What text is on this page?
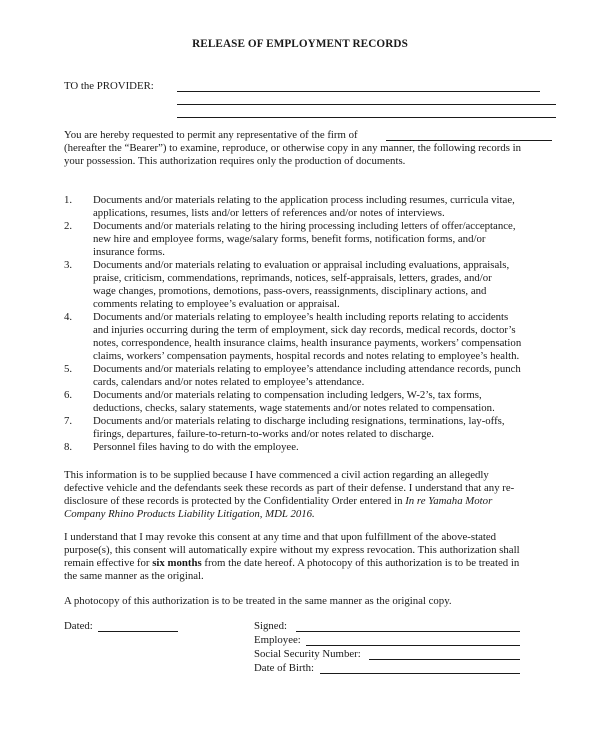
RELEASE OF EMPLOYMENT RECORDS
TO the PROVIDER:
You are hereby requested to permit any representative of the firm of
(hereafter the “Bearer”) to examine, reproduce, or otherwise copy in any manner, the following records in
your possession. This authorization requires only the production of documents.
1. Documents and/or materials relating to the application process including resumes, curricula vitae,
applications, resumes, lists and/or letters of references and/or notes of interviews.
2. Documents and/or materials relating to the hiring processing including letters of offer/acceptance,
new hire and employee forms, wage/salary forms, benefit forms, notification forms, and/or
insurance forms.
3. Documents and/or materials relating to evaluation or appraisal including evaluations, appraisals,
praise, criticism, commendations, reprimands, notices, self-appraisals, letters, grades, and/or
wage changes, promotions, demotions, pass-overs, reassignments, disciplinary actions, and
comments relating to employee’s evaluation or appraisal.
4. Documents and/or materials relating to employee’s health including reports relating to accidents
and injuries occurring during the term of employment, sick day records, medical records, doctor’s
notes, correspondence, health insurance claims, health insurance payments, workers’ compensation
claims, workers’ compensation payments, hospital records and notes relating to employee’s health.
5. Documents and/or materials relating to employee’s attendance including attendance records, punch
cards, calendars and/or notes related to employee’s attendance.
6. Documents and/or materials relating to compensation including ledgers, W-2’s, tax forms,
deductions, checks, salary statements, wage statements and/or notes related to compensation.
7. Documents and/or materials relating to discharge including resignations, terminations, lay-offs,
firings, departures, failure-to-return-to-works and/or notes related to discharge.
8. Personnel files having to do with the employee.
This information is to be supplied because I have commenced a civil action regarding an allegedly
defective vehicle and the defendants seek these records as part of their defense. I understand that any re-
disclosure of these records is protected by the Confidentiality Order entered in In re Yamaha Motor
Company Rhino Products Liability Litigation, MDL 2016.
I understand that I may revoke this consent at any time and that upon fulfillment of the above-stated
purpose(s), this consent will automatically expire without my express revocation. This authorization shall
remain effective for six months from the date hereof. A photocopy of this authorization is to be treated in
the same manner as the original.
A photocopy of this authorization is to be treated in the same manner as the original copy.
Dated:	Signed:
Employee:
Social Security Number:
Date of Birth:
